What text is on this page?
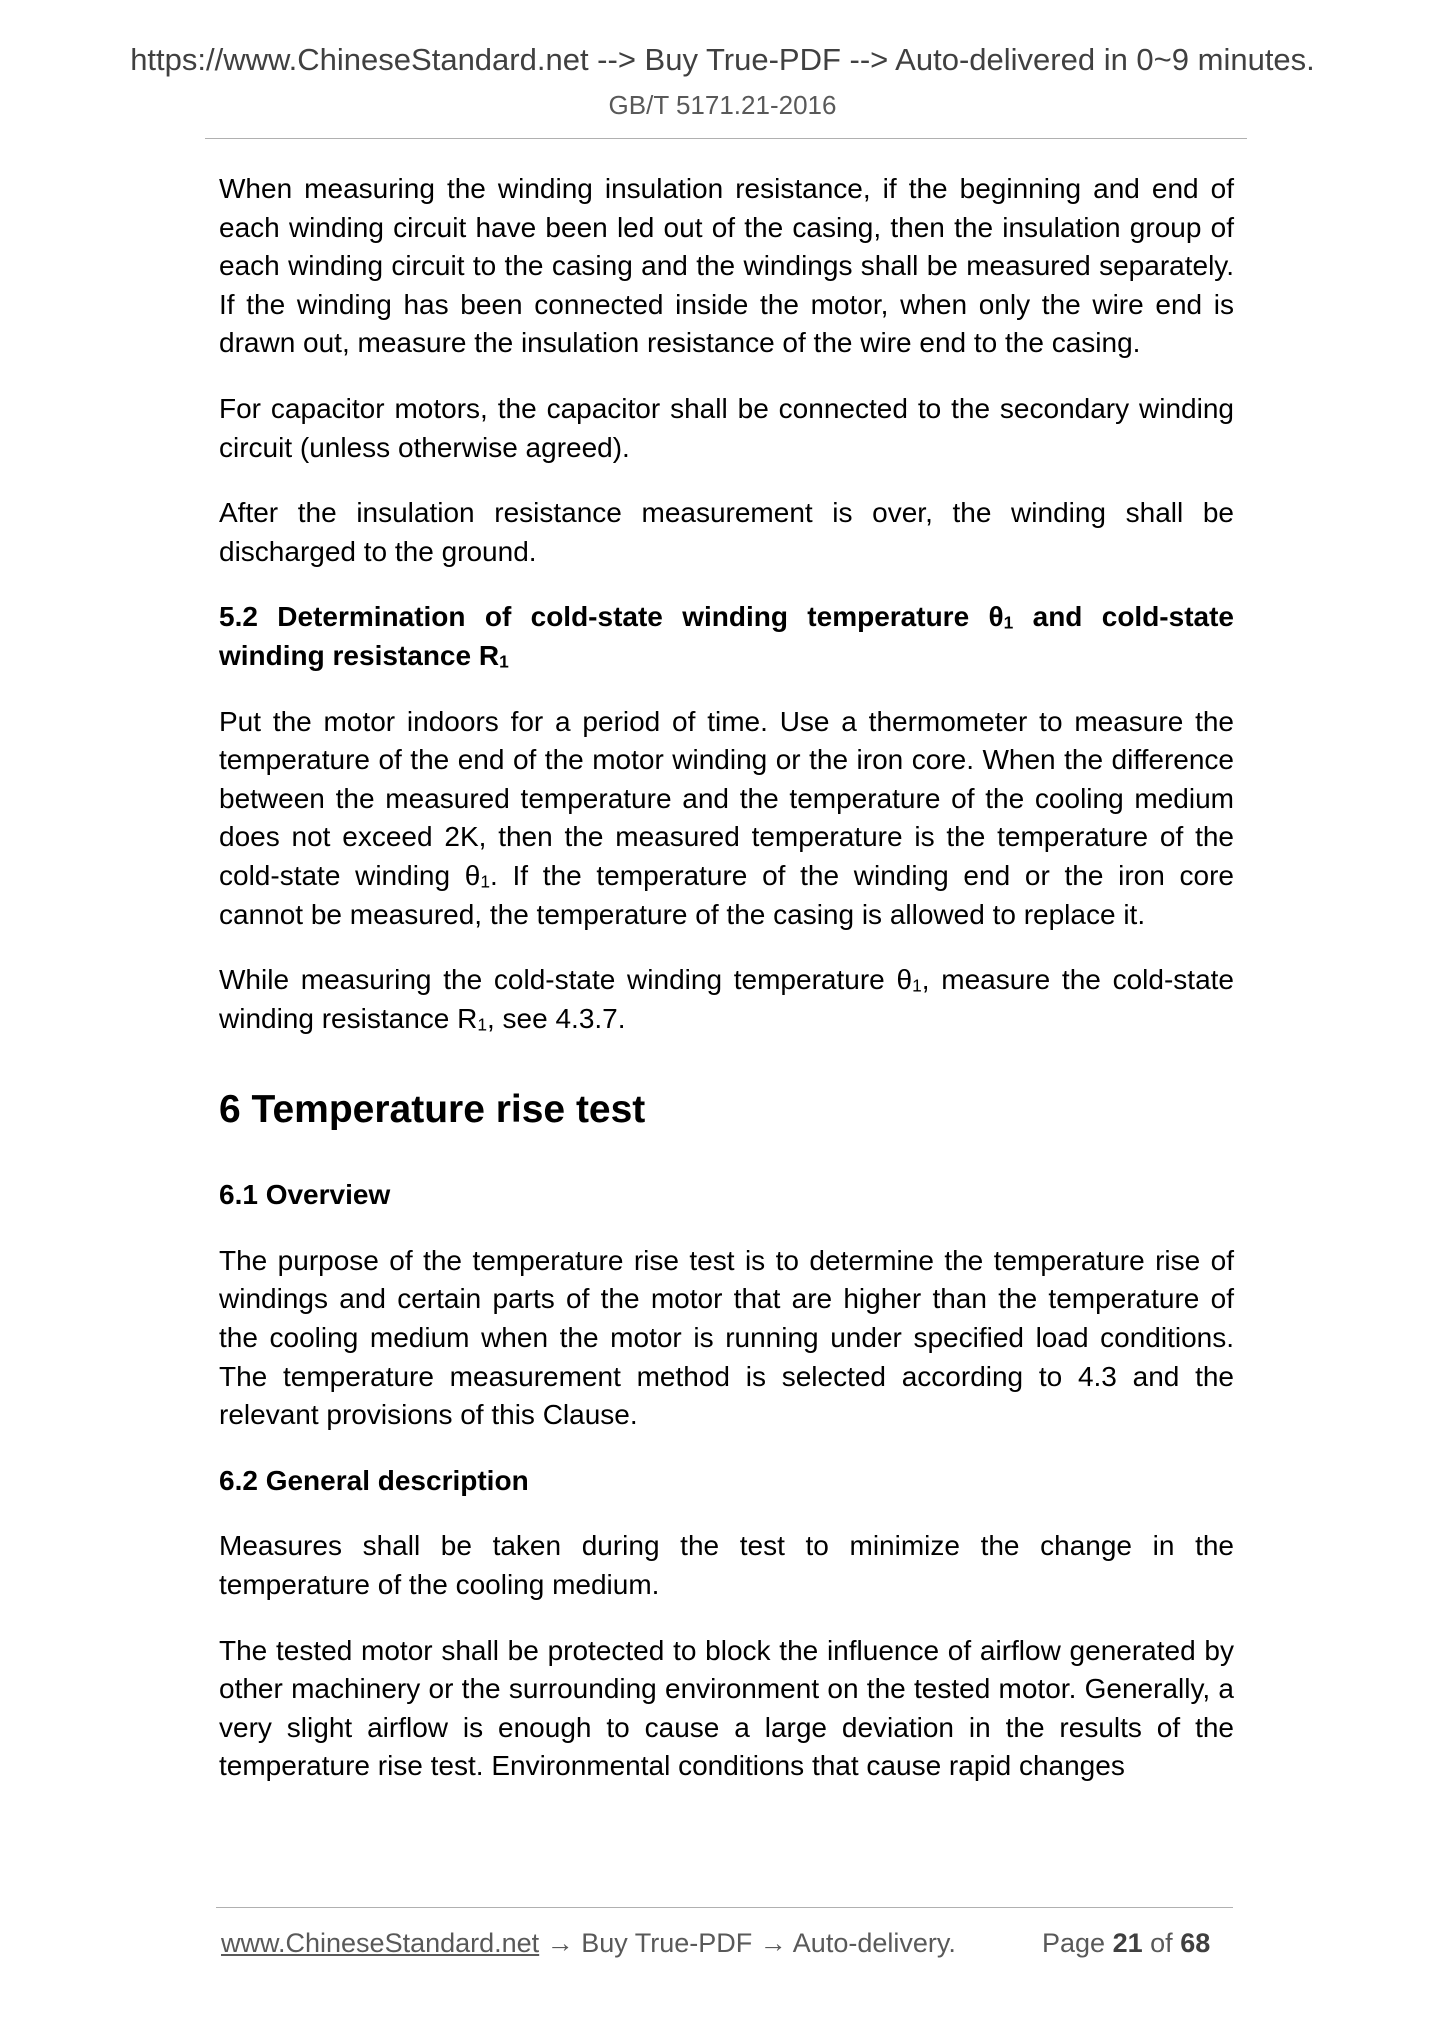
https://www.ChineseStandard.net --> Buy True-PDF --> Auto-delivered in 0~9 minutes.
GB/T 5171.21-2016

When measuring the winding insulation resistance, if the beginning and end of each winding circuit have been led out of the casing, then the insulation group of each winding circuit to the casing and the windings shall be measured separately. If the winding has been connected inside the motor, when only the wire end is drawn out, measure the insulation resistance of the wire end to the casing.

For capacitor motors, the capacitor shall be connected to the secondary winding circuit (unless otherwise agreed).

After the insulation resistance measurement is over, the winding shall be discharged to the ground.

5.2 Determination of cold-state winding temperature θ1 and cold-state winding resistance R1

Put the motor indoors for a period of time. Use a thermometer to measure the temperature of the end of the motor winding or the iron core. When the difference between the measured temperature and the temperature of the cooling medium does not exceed 2K, then the measured temperature is the temperature of the cold-state winding θ1. If the temperature of the winding end or the iron core cannot be measured, the temperature of the casing is allowed to replace it.

While measuring the cold-state winding temperature θ1, measure the cold-state winding resistance R1, see 4.3.7.

6 Temperature rise test

6.1 Overview

The purpose of the temperature rise test is to determine the temperature rise of windings and certain parts of the motor that are higher than the temperature of the cooling medium when the motor is running under specified load conditions. The temperature measurement method is selected according to 4.3 and the relevant provisions of this Clause.

6.2 General description

Measures shall be taken during the test to minimize the change in the temperature of the cooling medium.

The tested motor shall be protected to block the influence of airflow generated by other machinery or the surrounding environment on the tested motor. Generally, a very slight airflow is enough to cause a large deviation in the results of the temperature rise test. Environmental conditions that cause rapid changes

www.ChineseStandard.net → Buy True-PDF → Auto-delivery.	Page 21 of 68
